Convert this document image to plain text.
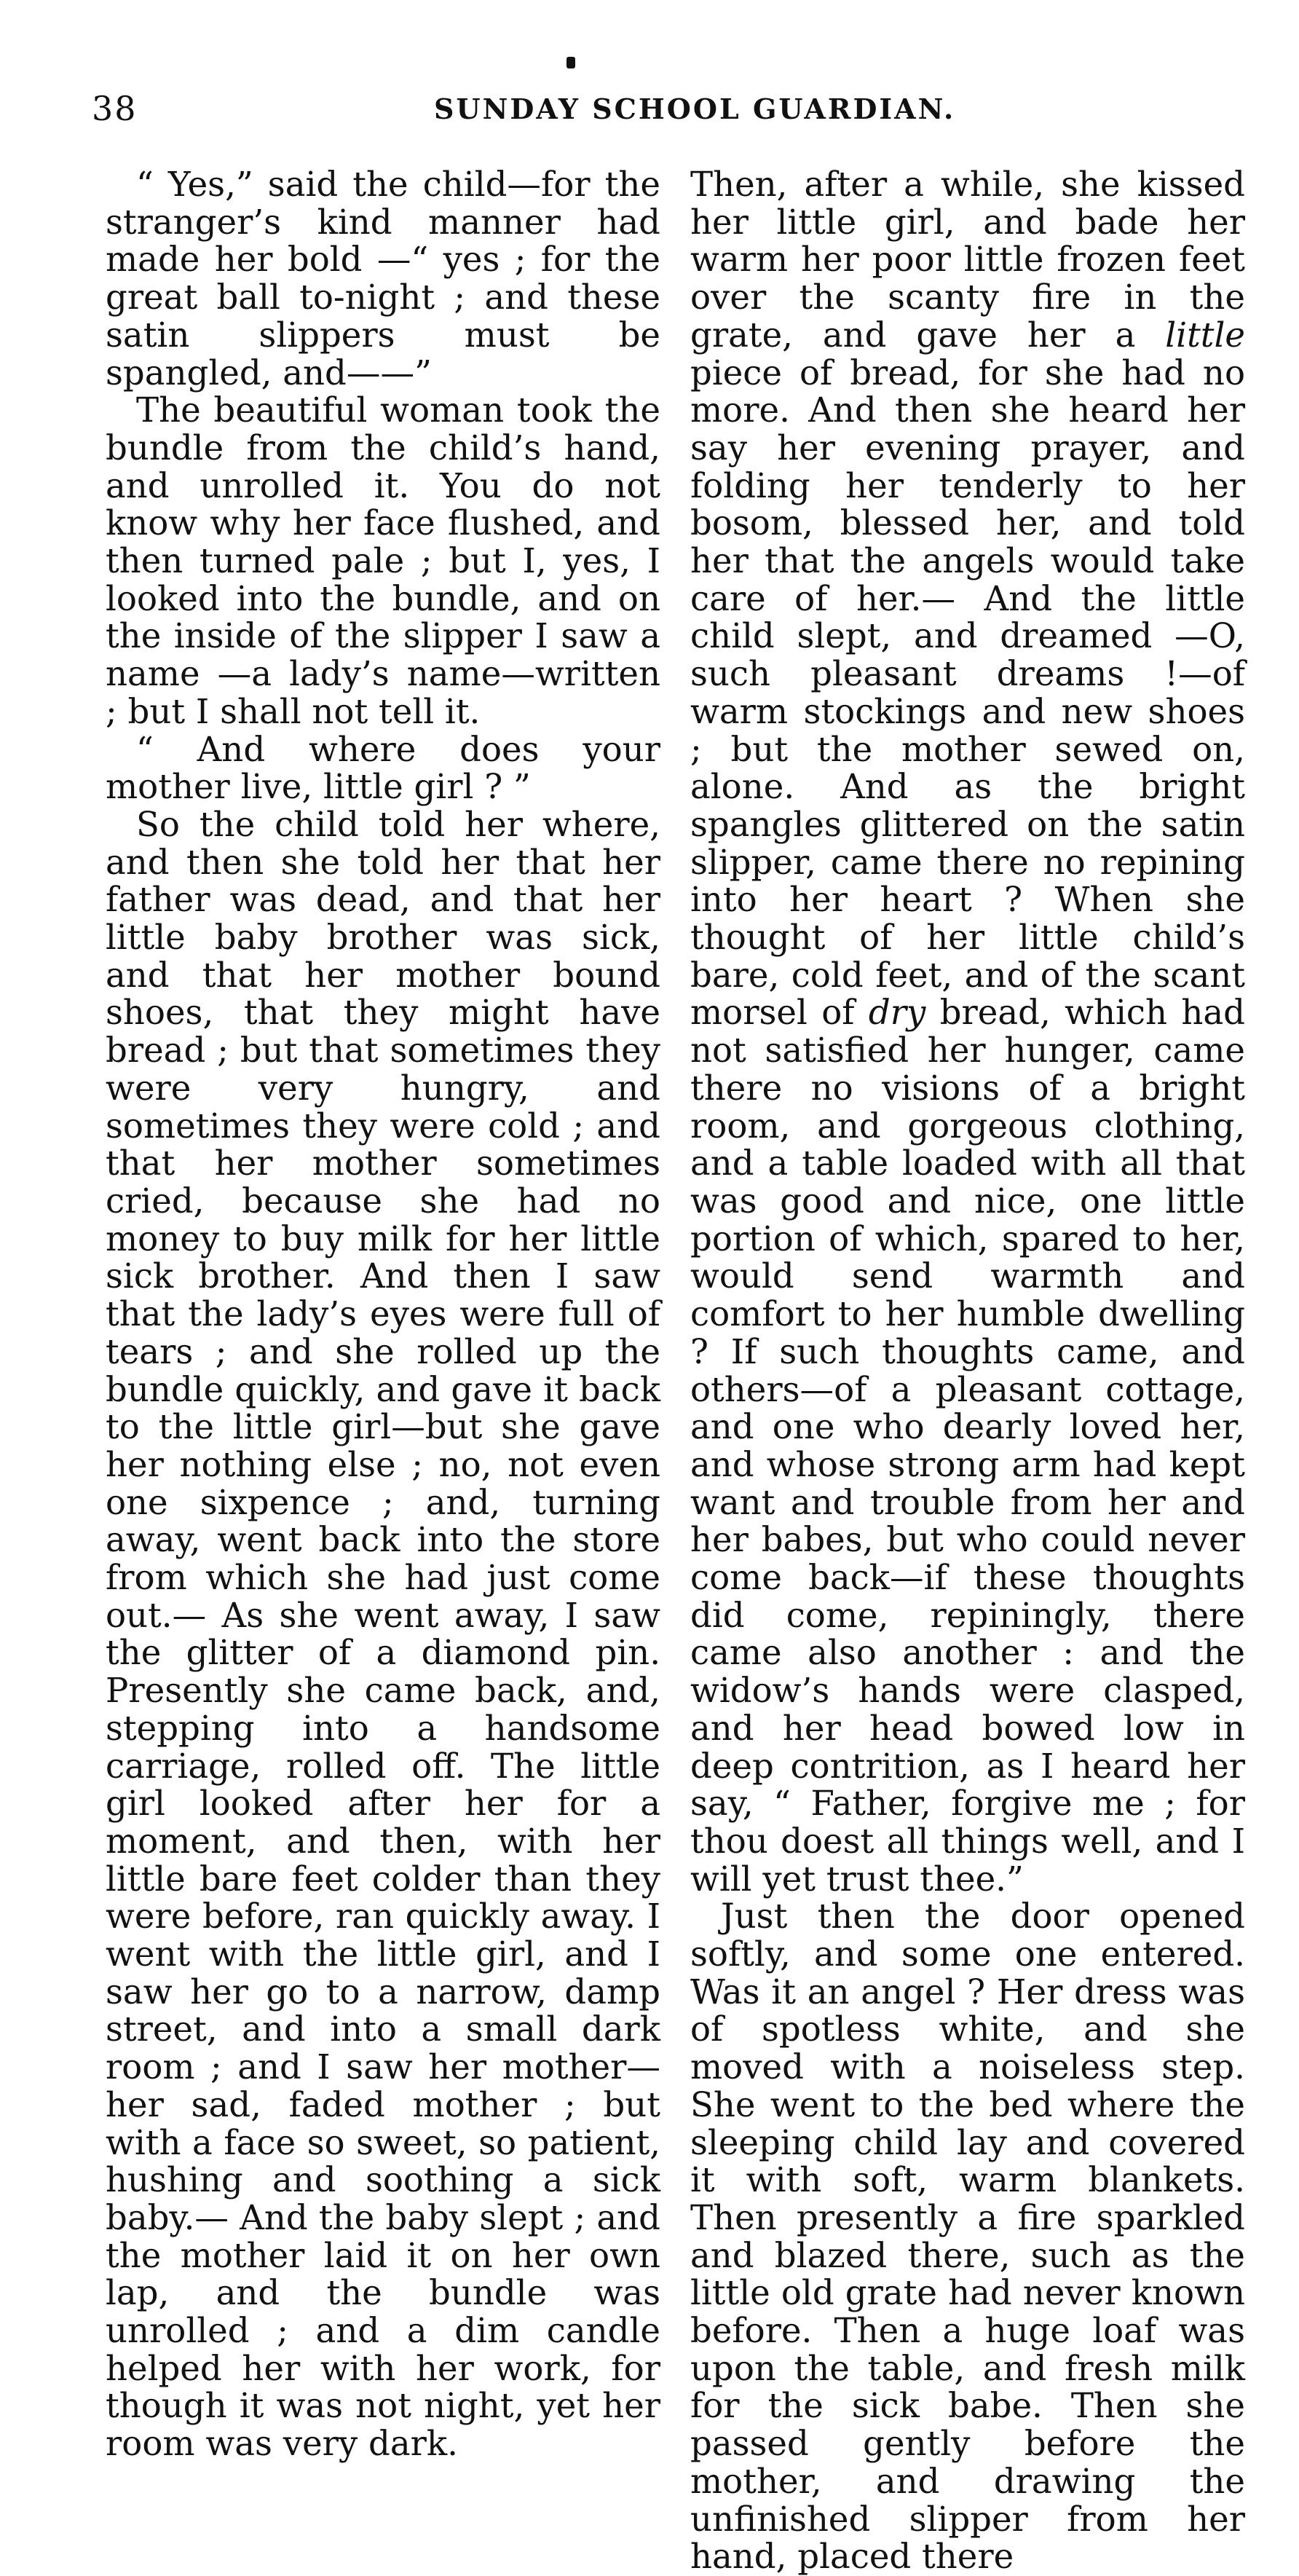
38	SUNDAY SCHOOL GUARDIAN.

“ Yes,” said the child—for the stranger’s kind manner had made her bold —“ yes ; for the great ball to-night ; and these satin slippers must be spangled, and——”

The beautiful woman took the bundle from the child’s hand, and unrolled it. You do not know why her face flushed, and then turned pale ; but I, yes, I looked into the bundle, and on the inside of the slipper I saw a name —a lady’s name—written ; but I shall not tell it.

“ And where does your mother live, little girl ? ”

So the child told her where, and then she told her that her father was dead, and that her little baby brother was sick, and that her mother bound shoes, that they might have bread ; but that sometimes they were very hungry, and sometimes they were cold ; and that her mother sometimes cried, because she had no money to buy milk for her little sick brother. And then I saw that the lady’s eyes were full of tears ; and she rolled up the bundle quickly, and gave it back to the little girl—but she gave her nothing else ; no, not even one sixpence ; and, turning away, went back into the store from which she had just come out.— As she went away, I saw the glitter of a diamond pin. Presently she came back, and, stepping into a handsome carriage, rolled off. The little girl looked after her for a moment, and then, with her little bare feet colder than they were before, ran quickly away. I went with the little girl, and I saw her go to a narrow, damp street, and into a small dark room ; and I saw her mother—her sad, faded mother ; but with a face so sweet, so patient, hushing and soothing a sick baby.— And the baby slept ; and the mother laid it on her own lap, and the bundle was unrolled ; and a dim candle helped her with her work, for though it was not night, yet her room was very dark.

Then, after a while, she kissed her little girl, and bade her warm her poor little frozen feet over the scanty fire in the grate, and gave her a little piece of bread, for she had no more. And then she heard her say her evening prayer, and folding her tenderly to her bosom, blessed her, and told her that the angels would take care of her.— And the little child slept, and dreamed —O, such pleasant dreams !—of warm stockings and new shoes ; but the mother sewed on, alone. And as the bright spangles glittered on the satin slipper, came there no repining into her heart ? When she thought of her little child’s bare, cold feet, and of the scant morsel of dry bread, which had not satisfied her hunger, came there no visions of a bright room, and gorgeous clothing, and a table loaded with all that was good and nice, one little portion of which, spared to her, would send warmth and comfort to her humble dwelling ? If such thoughts came, and others—of a pleasant cottage, and one who dearly loved her, and whose strong arm had kept want and trouble from her and her babes, but who could never come back—if these thoughts did come, repiningly, there came also another : and the widow’s hands were clasped, and her head bowed low in deep contrition, as I heard her say, “ Father, forgive me ; for thou doest all things well, and I will yet trust thee.”

Just then the door opened softly, and some one entered. Was it an angel ? Her dress was of spotless white, and she moved with a noiseless step. She went to the bed where the sleeping child lay and covered it with soft, warm blankets. Then presently a fire sparkled and blazed there, such as the little old grate had never known before. Then a huge loaf was upon the table, and fresh milk for the sick babe. Then she passed gently before the mother, and drawing the unfinished slipper from her hand, placed there
